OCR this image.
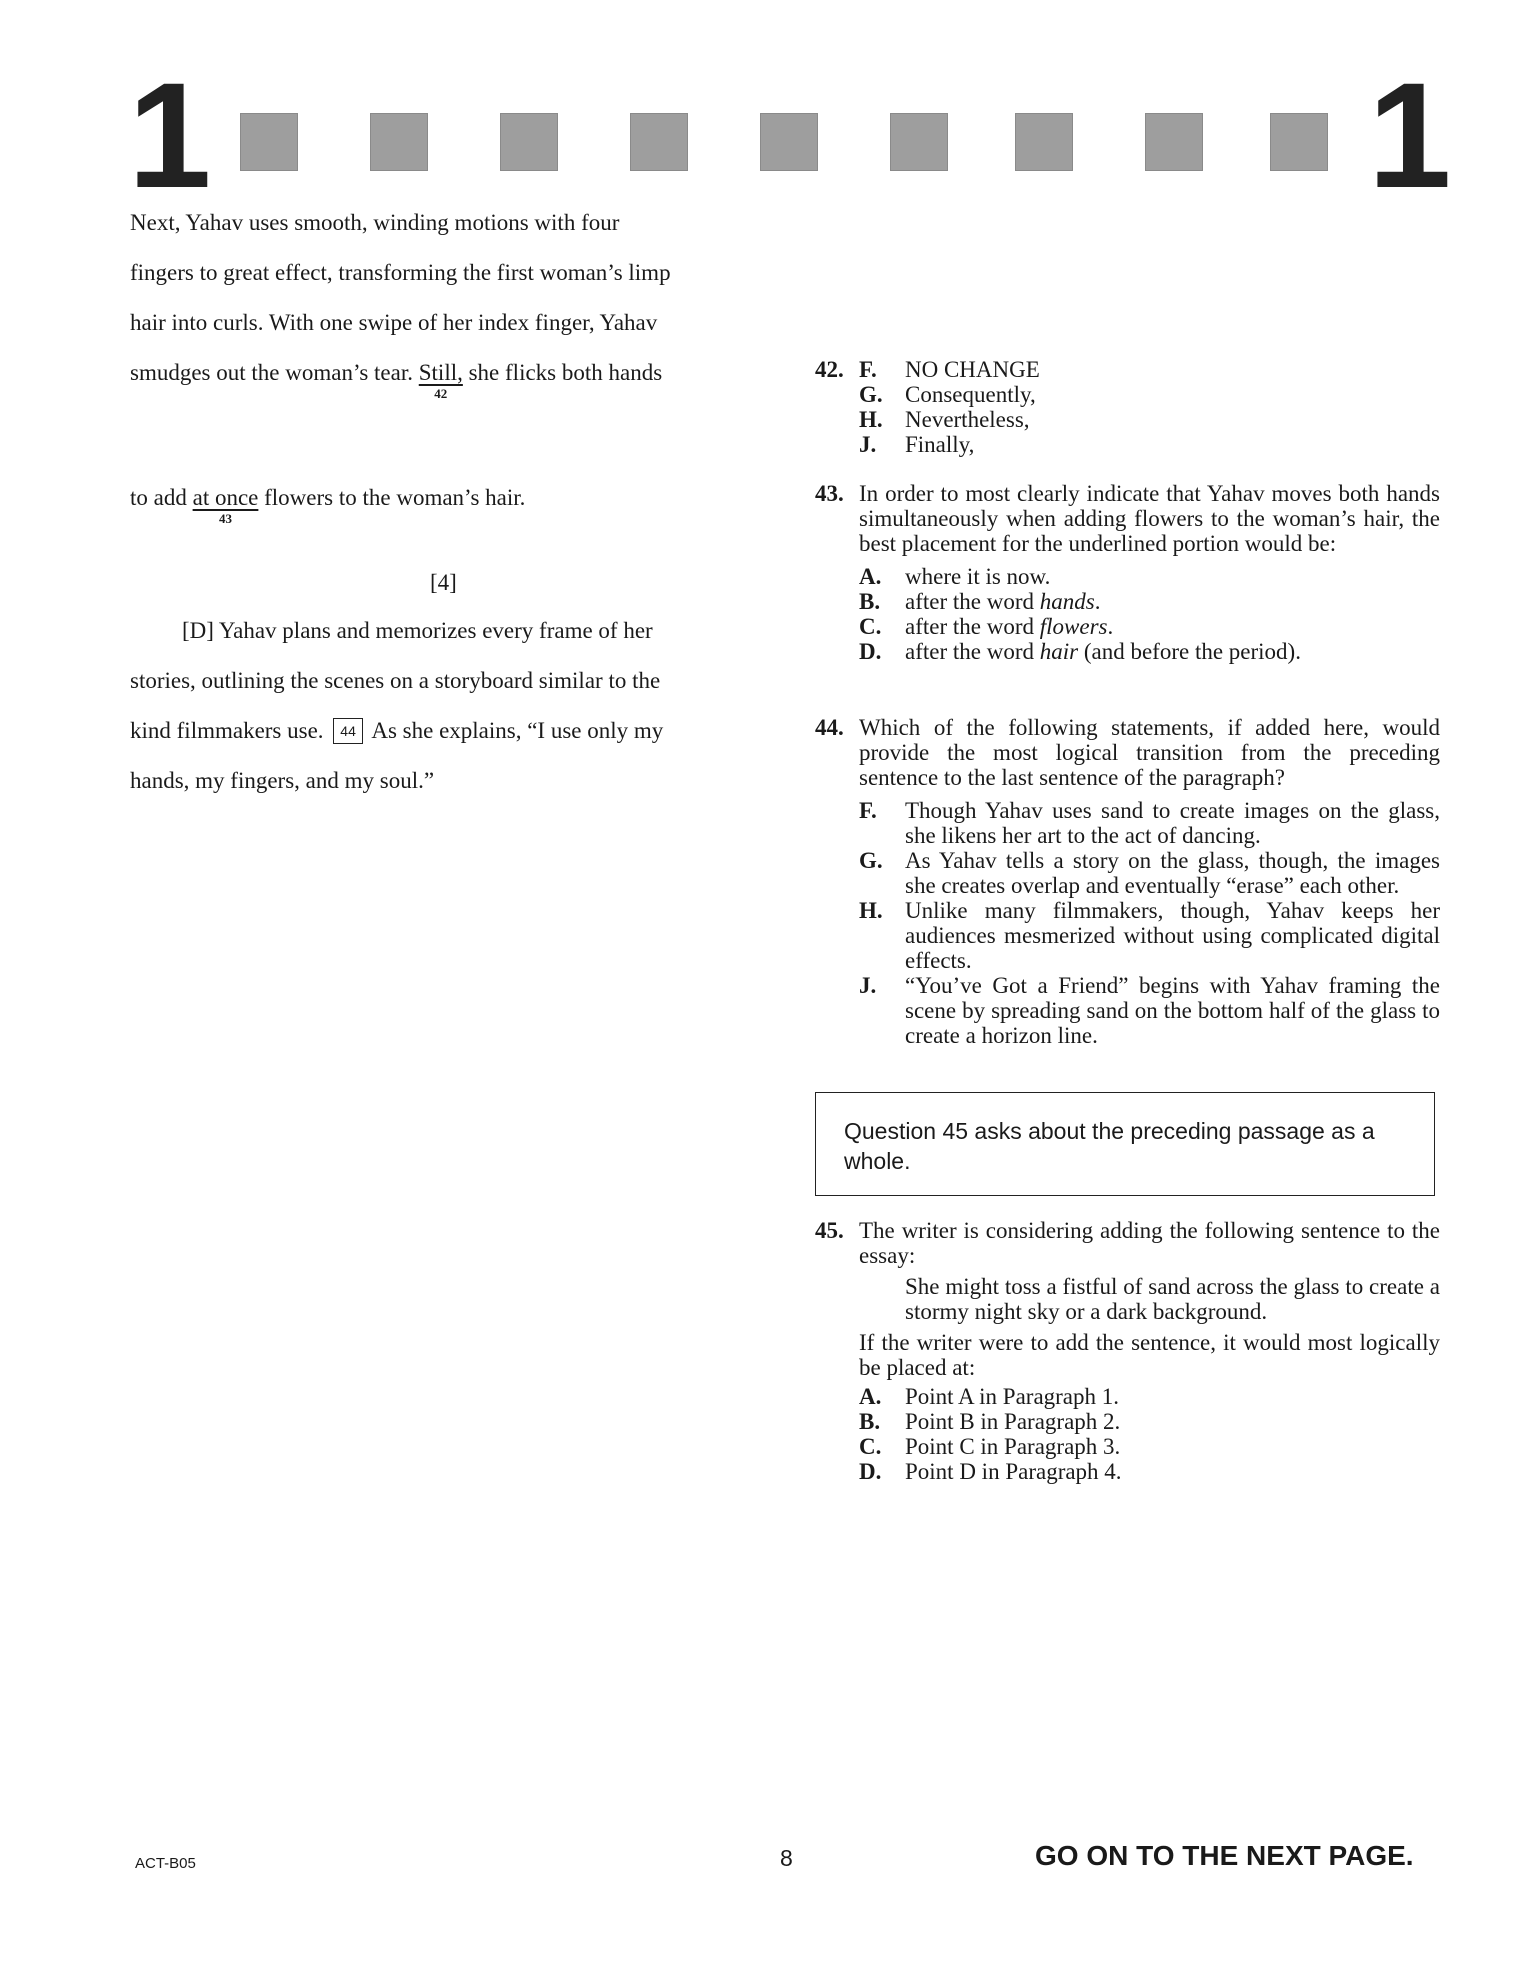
1	1
Next, Yahav uses smooth, winding motions with four
fingers to great effect, transforming the first woman’s limp
hair into curls. With one swipe of her index finger, Yahav
smudges out the woman’s tear. Still,
42
she flicks both hands
to add at once
43
flowers to the woman’s hair.
[4]
[D] Yahav plans and memorizes every frame of her
stories, outlining the scenes on a storyboard similar to the
kind filmmakers use. 44 As she explains, “I use only my
hands, my fingers, and my soul.”
42. F. NO CHANGE
G. Consequently,
H. Nevertheless,
J. Finally,
43. In order to most clearly indicate that Yahav moves both hands simultaneously when adding flowers to the woman’s hair, the best placement for the underlined portion would be:
A. where it is now.
B. after the word hands.
C. after the word flowers.
D. after the word hair (and before the period).
44. Which of the following statements, if added here, would provide the most logical transition from the preceding sentence to the last sentence of the paragraph?
F. Though Yahav uses sand to create images on the glass, she likens her art to the act of dancing.
G. As Yahav tells a story on the glass, though, the images she creates overlap and eventually “erase” each other.
H. Unlike many filmmakers, though, Yahav keeps her audiences mesmerized without using complicated digital effects.
J. “You’ve Got a Friend” begins with Yahav framing the scene by spreading sand on the bottom half of the glass to create a horizon line.
45. The writer is considering adding the following sentence to the essay:
She might toss a fistful of sand across the glass to create a stormy night sky or a dark background.
If the writer were to add the sentence, it would most logically be placed at:
A. Point A in Paragraph 1.
B. Point B in Paragraph 2.
C. Point C in Paragraph 3.
D. Point D in Paragraph 4.
Question 45 asks about the preceding passage as a whole.
ACT-B05	8	GO ON TO THE NEXT PAGE.
